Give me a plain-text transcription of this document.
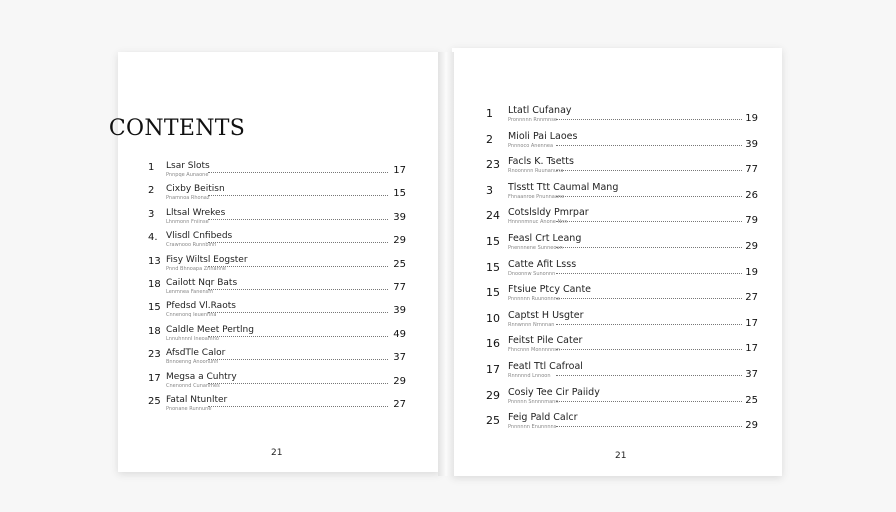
CONTENTS
1	Lsar Slots
Pnnpqe Aunaone	17
2	Cixby Beitisn
Pnamnoa Rhonaz	15
3	Lltsal Wrekes
Lhnmonn Fniinse	39
4. Vlisdl Cnfibeds
Crawnooo Runnbinn	29
13 Fisy Wiltsl Eogster
Pnnd Bhnoapa Znnanne	25
18 Cailott Nqr Bats
Lenmnea Fanensrn	77
15 Pfedsd Vl.Raots
Cnnenonq Ieuenhna	39
18 Caldle Meet Pertlng
Lnnuhnnnl Ineoamno	49
23 AfsdTle Calor
Bnnoenng Anoonunn	37
17 Megsa a Cuhtry
Cnenonnd Cunanmes	29
25 Fatal Ntunlter
Pnonane Runnune	27
1	Ltatl Cufanay
Pronnnnn Rnnmnse	19
2	Mioli Pai Laoes
Pnnnoco Anennea	39
23 Facls K. Tsetts
Rnoonnnn Ruunanuna	77
3	Tlsstt Ttt Caumal Mang
Fhnaanroe Pnunnaane	26
24 Cotslsldy Pmrpar
Hnnnnmnuc Anone Nnn	79
15 Feasl Crt Leang
Pnennnene Sunneoun	29
15 Catte Afit Lsss
Dnoonnw Sunonnn	19
15 Ftsiue Ptcy Cante
Pnnnnnn Ruunonnna	27
10 Captst H Usgter
Rnnwnnn Nrnnnan	17
16 Feitst Pile Cater
Fhncnnn Monnnnnsn	17
17 Featl Ttl Cafroal
Rnnnnnd Lnnoon	37
29 Cosiy Tee Cir Paiidy
Pnnnnn Snnnnmann	25
25 Feig Pald Calcr
Pnnnnnn Enunnnns	29
21	21
